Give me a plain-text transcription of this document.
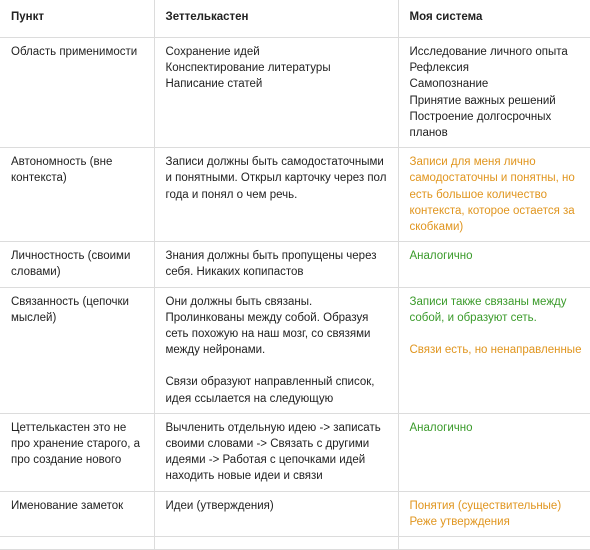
Пункт	Зеттелькастен	Моя система
Область применимости	Сохранение идей
Конспектирование литературы
Написание статей	Исследование личного опыта
Рефлексия
Самопознание
Принятие важных решений
Построение долгосрочных планов

Автономность (вне контекста)	Записи должны быть самодостаточными и понятными. Открыл карточку через пол года и понял о чем речь.	Записи для меня лично самодостаточны и понятны, но есть большое количество контекста, которое остается за скобками)

Личностность (своими словами)	Знания должны быть пропущены через себя. Никаких копипастов	Аналогично

Связанность (цепочки мыслей)	Они должны быть связаны. Пролинкованы между собой. Образуя сеть похожую на наш мозг, со связями между нейронами.
Связи образуют направленный список, идея ссылается на следующую	Записи также связаны между собой, и образуют сеть.
Связи есть, но ненаправленные

Цеттелькастен это не про хранение старого, а про создание нового	Вычленить отдельную идею -> записать своими словами -> Связать с другими идеями -> Работая с цепочками идей находить новые идеи и связи	Аналогично

Именование заметок	Идеи (утверждения)	Понятия (существительные)
Реже утверждения
